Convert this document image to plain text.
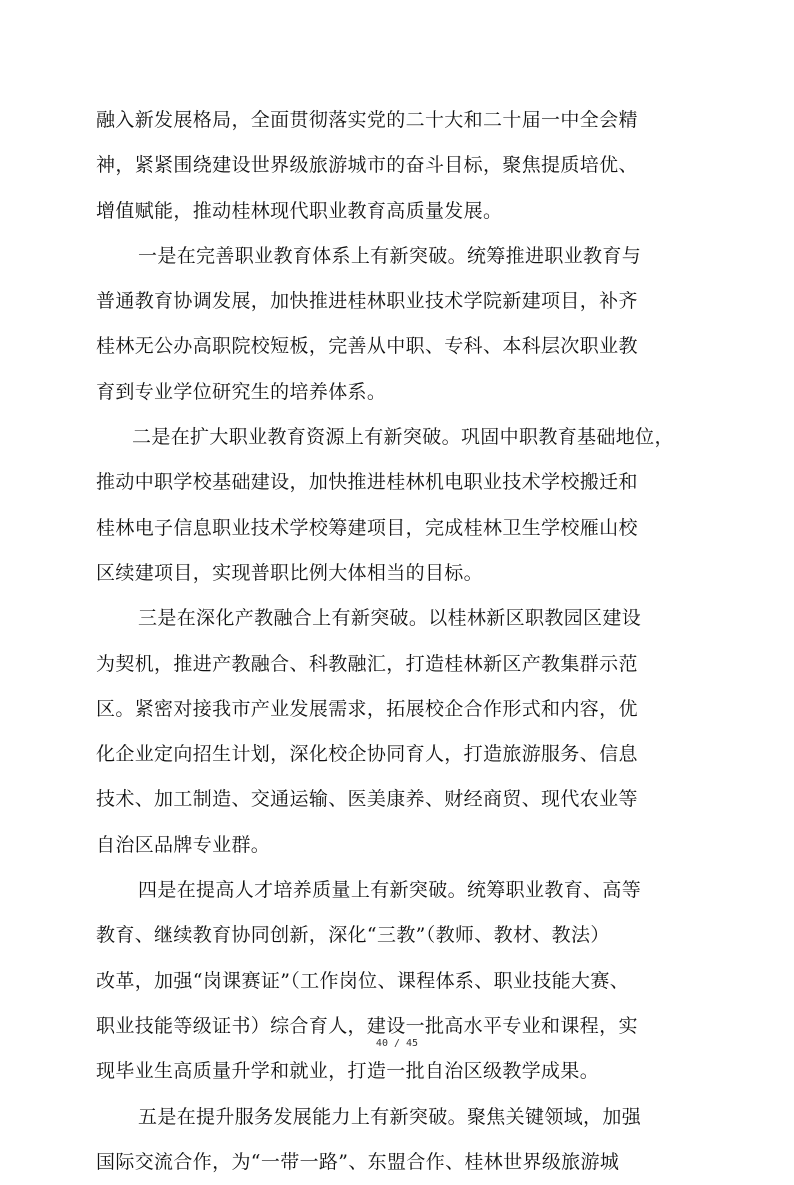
融入新发展格局，全面贯彻落实党的二十大和二十届一中全会精
神，紧紧围绕建设世界级旅游城市的奋斗目标，聚焦提质培优、
增值赋能，推动桂林现代职业教育高质量发展。
一是在完善职业教育体系上有新突破。统筹推进职业教育与
普通教育协调发展，加快推进桂林职业技术学院新建项目，补齐
桂林无公办高职院校短板，完善从中职、专科、本科层次职业教
育到专业学位研究生的培养体系。
二是在扩大职业教育资源上有新突破。巩固中职教育基础地位，
推动中职学校基础建设，加快推进桂林机电职业技术学校搬迁和
桂林电子信息职业技术学校筹建项目，完成桂林卫生学校雁山校
区续建项目，实现普职比例大体相当的目标。
三是在深化产教融合上有新突破。以桂林新区职教园区建设
为契机，推进产教融合、科教融汇，打造桂林新区产教集群示范
区。紧密对接我市产业发展需求，拓展校企合作形式和内容，优
化企业定向招生计划，深化校企协同育人，打造旅游服务、信息
技术、加工制造、交通运输、医美康养、财经商贸、现代农业等
自治区品牌专业群。
四是在提高人才培养质量上有新突破。统筹职业教育、高等
教育、继续教育协同创新，深化“三教”（教师、教材、教法）
改革，加强“岗课赛证”（工作岗位、课程体系、职业技能大赛、
职业技能等级证书）综合育人，建设一批高水平专业和课程，实
现毕业生高质量升学和就业，打造一批自治区级教学成果。
五是在提升服务发展能力上有新突破。聚焦关键领域，加强
国际交流合作，为“一带一路”、东盟合作、桂林世界级旅游城
40 / 45
